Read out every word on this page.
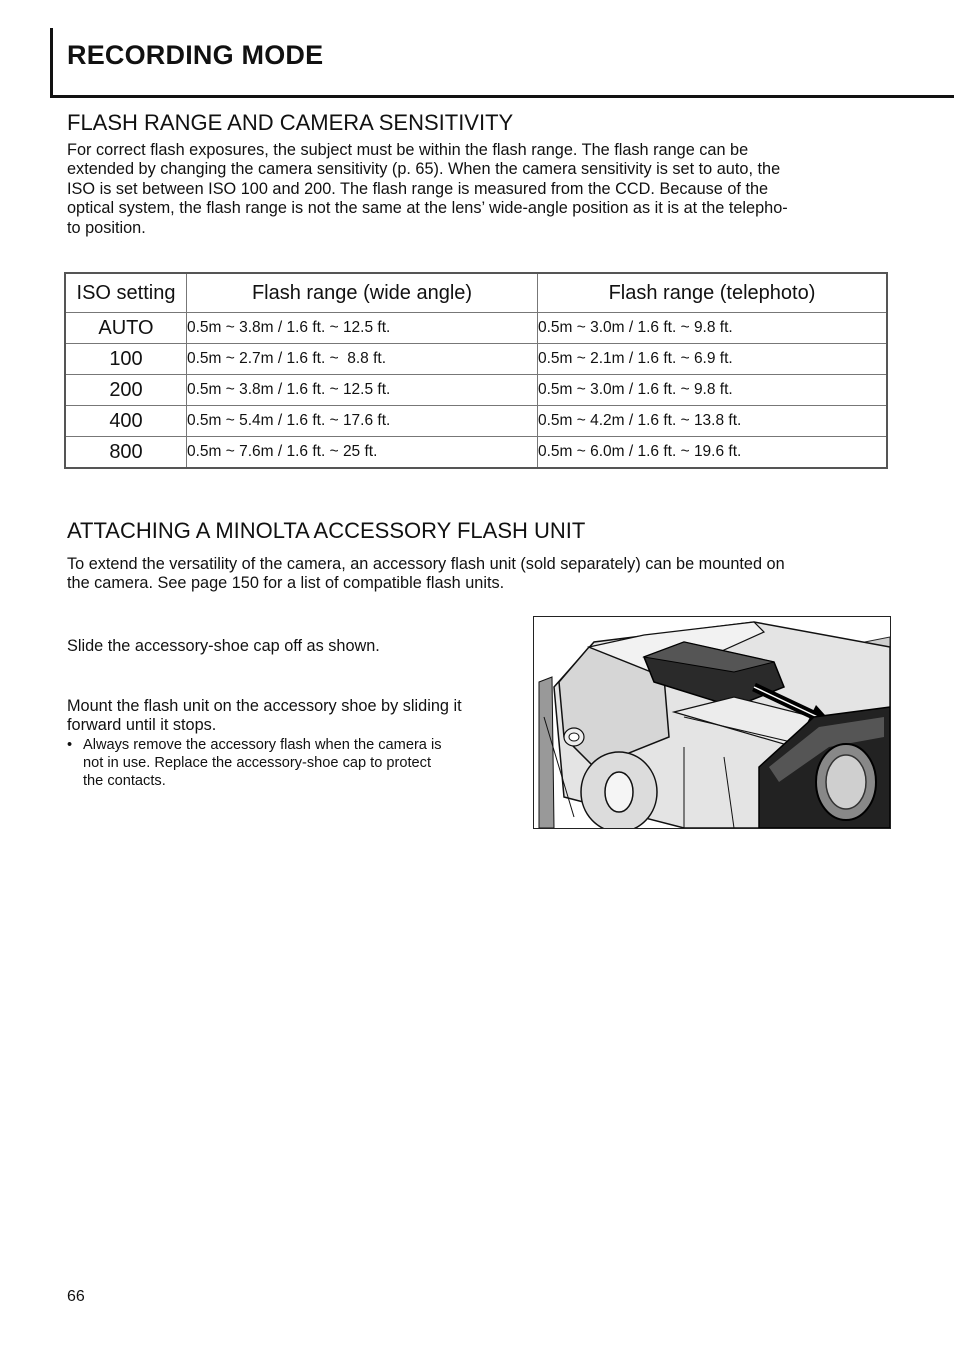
RECORDING MODE
FLASH RANGE AND CAMERA SENSITIVITY
For correct flash exposures, the subject must be within the flash range. The flash range can be
extended by changing the camera sensitivity (p. 65). When the camera sensitivity is set to auto, the
ISO is set between ISO 100 and 200. The flash range is measured from the CCD. Because of the
optical system, the flash range is not the same at the lens’ wide-angle position as it is at the telepho-
to position.
ISO setting	Flash range (wide angle)	Flash range (telephoto)
AUTO	0.5m ~ 3.8m / 1.6 ft. ~ 12.5 ft.	0.5m ~ 3.0m / 1.6 ft. ~ 9.8 ft.
100	0.5m ~ 2.7m / 1.6 ft. ~  8.8 ft.	0.5m ~ 2.1m / 1.6 ft. ~ 6.9 ft.
200	0.5m ~ 3.8m / 1.6 ft. ~ 12.5 ft.	0.5m ~ 3.0m / 1.6 ft. ~ 9.8 ft.
400	0.5m ~ 5.4m / 1.6 ft. ~ 17.6 ft.	0.5m ~ 4.2m / 1.6 ft. ~ 13.8 ft.
800	0.5m ~ 7.6m / 1.6 ft. ~ 25 ft.	0.5m ~ 6.0m / 1.6 ft. ~ 19.6 ft.
ATTACHING A MINOLTA ACCESSORY FLASH UNIT
To extend the versatility of the camera, an accessory flash unit (sold separately) can be mounted on
the camera. See page 150 for a list of compatible flash units.

Slide the accessory-shoe cap off as shown.

Mount the flash unit on the accessory shoe by sliding it
forward until it stops.
• Always remove the accessory flash when the camera is
not in use. Replace the accessory-shoe cap to protect
the contacts.

66
